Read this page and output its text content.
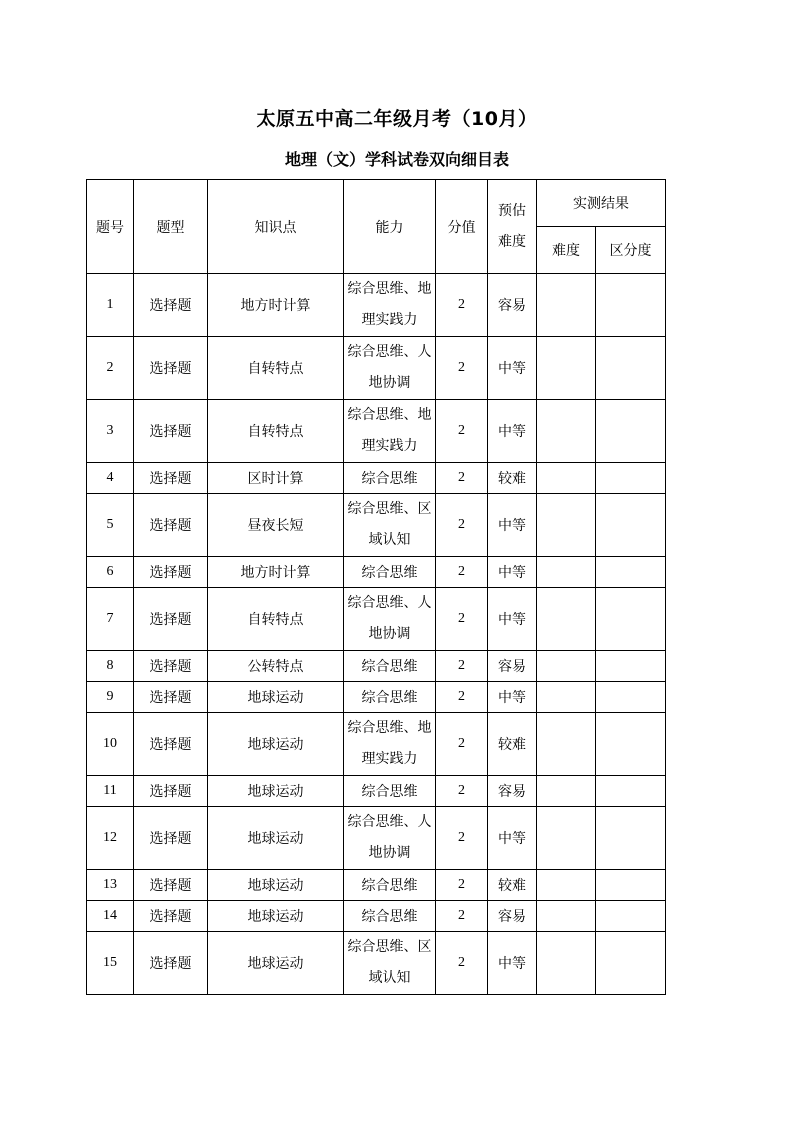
太原五中高二年级月考（10月）
地理（文）学科试卷双向细目表
题号	题型	知识点	能力	分值	预估
难度	实测结果	
						难度	区分度
1	选择题	地方时计算	综合思维、地理实践力	2	容易		
2	选择题	自转特点	综合思维、人地协调	2	中等		
3	选择题	自转特点	综合思维、地理实践力	2	中等		
4	选择题	区时计算	综合思维	2	较难		
5	选择题	昼夜长短	综合思维、区域认知	2	中等		
6	选择题	地方时计算	综合思维	2	中等		
7	选择题	自转特点	综合思维、人地协调	2	中等		
8	选择题	公转特点	综合思维	2	容易		
9	选择题	地球运动	综合思维	2	中等		
10	选择题	地球运动	综合思维、地理实践力	2	较难		
11	选择题	地球运动	综合思维	2	容易		
12	选择题	地球运动	综合思维、人地协调	2	中等		
13	选择题	地球运动	综合思维	2	较难		
14	选择题	地球运动	综合思维	2	容易		
15	选择题	地球运动	综合思维、区域认知	2	中等		
